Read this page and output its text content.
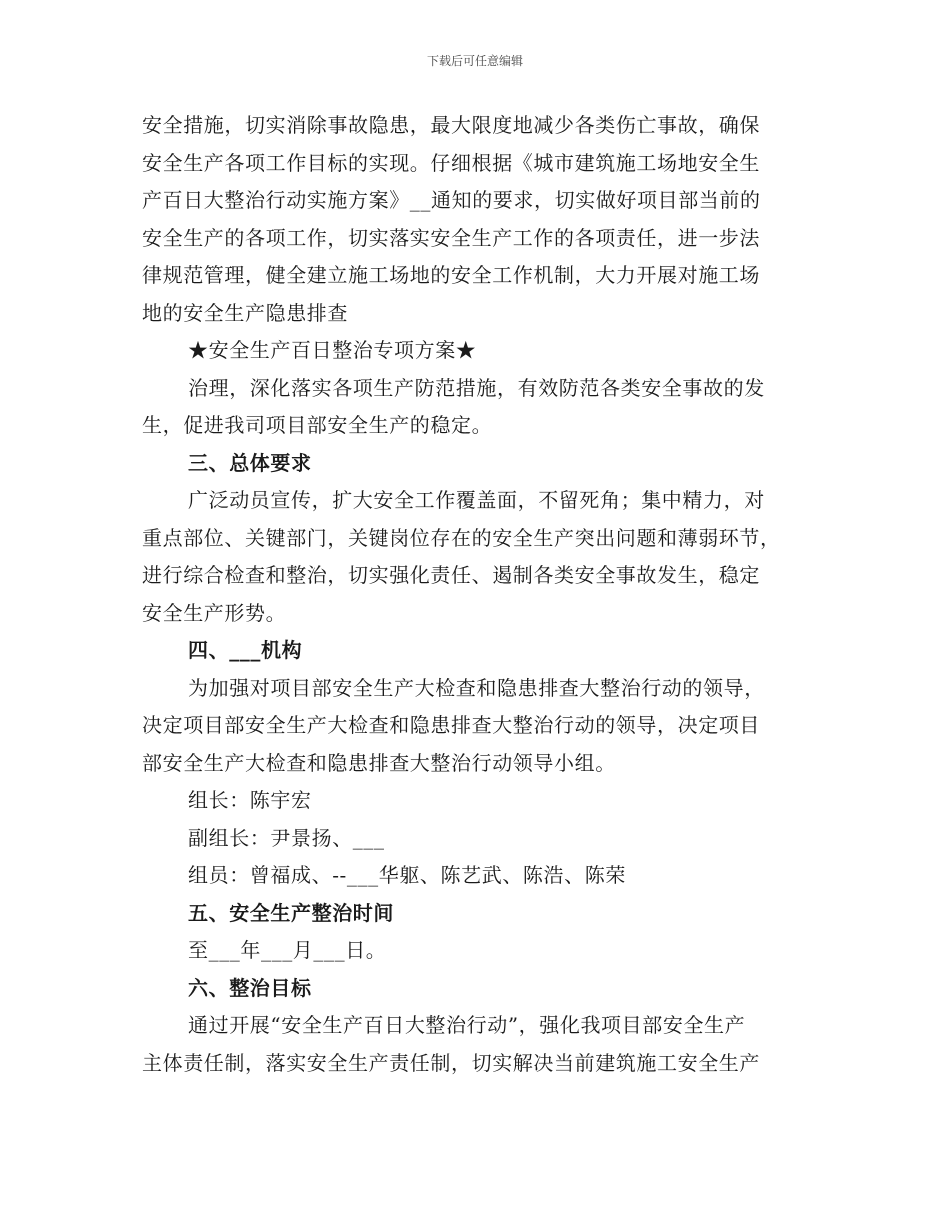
下载后可任意编辑

安全措施，切实消除事故隐患，最大限度地减少各类伤亡事故，确保
安全生产各项工作目标的实现。仔细根据《城市建筑施工场地安全生
产百日大整治行动实施方案》__通知的要求，切实做好项目部当前的
安全生产的各项工作，切实落实安全生产工作的各项责任，进一步法
律规范管理，健全建立施工场地的安全工作机制，大力开展对施工场
地的安全生产隐患排查

★安全生产百日整治专项方案★

治理，深化落实各项生产防范措施，有效防范各类安全事故的发
生，促进我司项目部安全生产的稳定。

三、总体要求

广泛动员宣传，扩大安全工作覆盖面，不留死角；集中精力，对
重点部位、关键部门，关键岗位存在的安全生产突出问题和薄弱环节，
进行综合检查和整治，切实强化责任、遏制各类安全事故发生，稳定
安全生产形势。

四、___机构

为加强对项目部安全生产大检查和隐患排查大整治行动的领导，
决定项目部安全生产大检查和隐患排查大整治行动的领导，决定项目
部安全生产大检查和隐患排查大整治行动领导小组。

组长：陈宇宏

副组长：尹景扬、___

组员：曾福成、--___华躯、陈艺武、陈浩、陈荣

五、安全生产整治时间

至___年___月___日。

六、整治目标

通过开展“安全生产百日大整治行动”，强化我项目部安全生产
主体责任制，落实安全生产责任制，切实解决当前建筑施工安全生产
